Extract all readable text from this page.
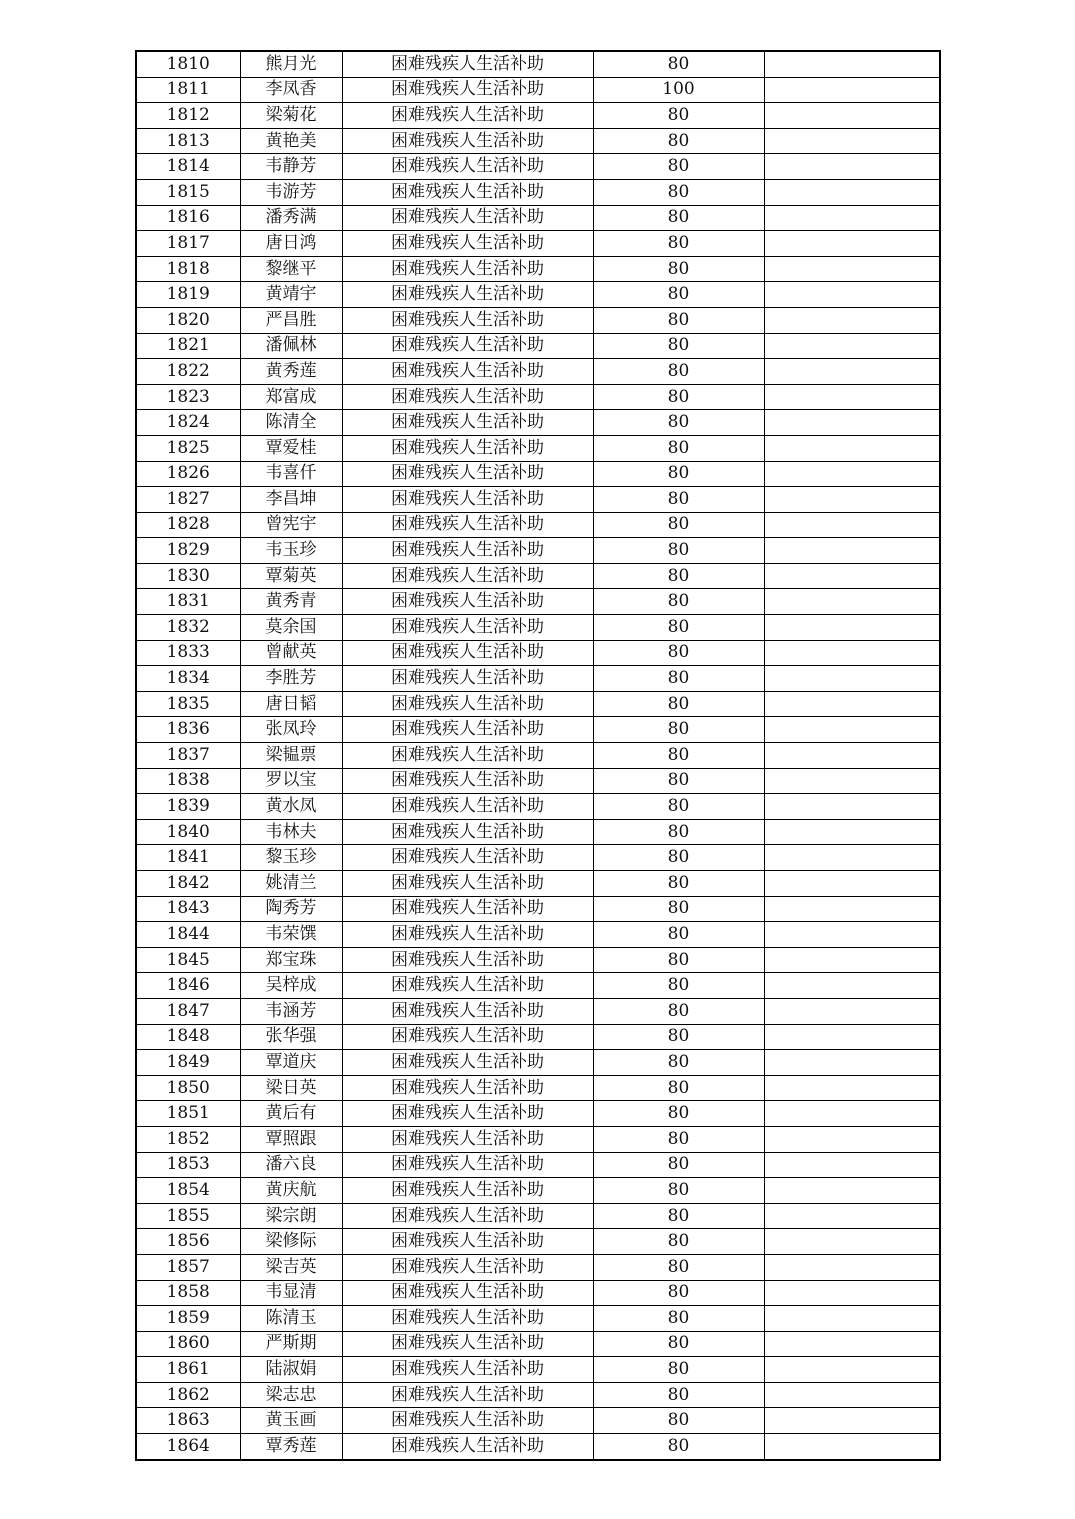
1810	熊月光	困难残疾人生活补助	80	
1811	李凤香	困难残疾人生活补助	100	
1812	梁菊花	困难残疾人生活补助	80	
1813	黄艳美	困难残疾人生活补助	80	
1814	韦静芳	困难残疾人生活补助	80	
1815	韦游芳	困难残疾人生活补助	80	
1816	潘秀满	困难残疾人生活补助	80	
1817	唐日鸿	困难残疾人生活补助	80	
1818	黎继平	困难残疾人生活补助	80	
1819	黄靖宇	困难残疾人生活补助	80	
1820	严昌胜	困难残疾人生活补助	80	
1821	潘佩林	困难残疾人生活补助	80	
1822	黄秀莲	困难残疾人生活补助	80	
1823	郑富成	困难残疾人生活补助	80	
1824	陈清全	困难残疾人生活补助	80	
1825	覃爱桂	困难残疾人生活补助	80	
1826	韦喜仟	困难残疾人生活补助	80	
1827	李昌坤	困难残疾人生活补助	80	
1828	曾宪宇	困难残疾人生活补助	80	
1829	韦玉珍	困难残疾人生活补助	80	
1830	覃菊英	困难残疾人生活补助	80	
1831	黄秀青	困难残疾人生活补助	80	
1832	莫余国	困难残疾人生活补助	80	
1833	曾献英	困难残疾人生活补助	80	
1834	李胜芳	困难残疾人生活补助	80	
1835	唐日韬	困难残疾人生活补助	80	
1836	张凤玲	困难残疾人生活补助	80	
1837	梁韫票	困难残疾人生活补助	80	
1838	罗以宝	困难残疾人生活补助	80	
1839	黄水凤	困难残疾人生活补助	80	
1840	韦林夫	困难残疾人生活补助	80	
1841	黎玉珍	困难残疾人生活补助	80	
1842	姚清兰	困难残疾人生活补助	80	
1843	陶秀芳	困难残疾人生活补助	80	
1844	韦荣馔	困难残疾人生活补助	80	
1845	郑宝珠	困难残疾人生活补助	80	
1846	吴梓成	困难残疾人生活补助	80	
1847	韦涵芳	困难残疾人生活补助	80	
1848	张华强	困难残疾人生活补助	80	
1849	覃道庆	困难残疾人生活补助	80	
1850	梁日英	困难残疾人生活补助	80	
1851	黄后有	困难残疾人生活补助	80	
1852	覃照跟	困难残疾人生活补助	80	
1853	潘六良	困难残疾人生活补助	80	
1854	黄庆航	困难残疾人生活补助	80	
1855	梁宗朗	困难残疾人生活补助	80	
1856	梁修际	困难残疾人生活补助	80	
1857	梁吉英	困难残疾人生活补助	80	
1858	韦显清	困难残疾人生活补助	80	
1859	陈清玉	困难残疾人生活补助	80	
1860	严斯期	困难残疾人生活补助	80	
1861	陆淑娟	困难残疾人生活补助	80	
1862	梁志忠	困难残疾人生活补助	80	
1863	黄玉画	困难残疾人生活补助	80	
1864	覃秀莲	困难残疾人生活补助	80	
